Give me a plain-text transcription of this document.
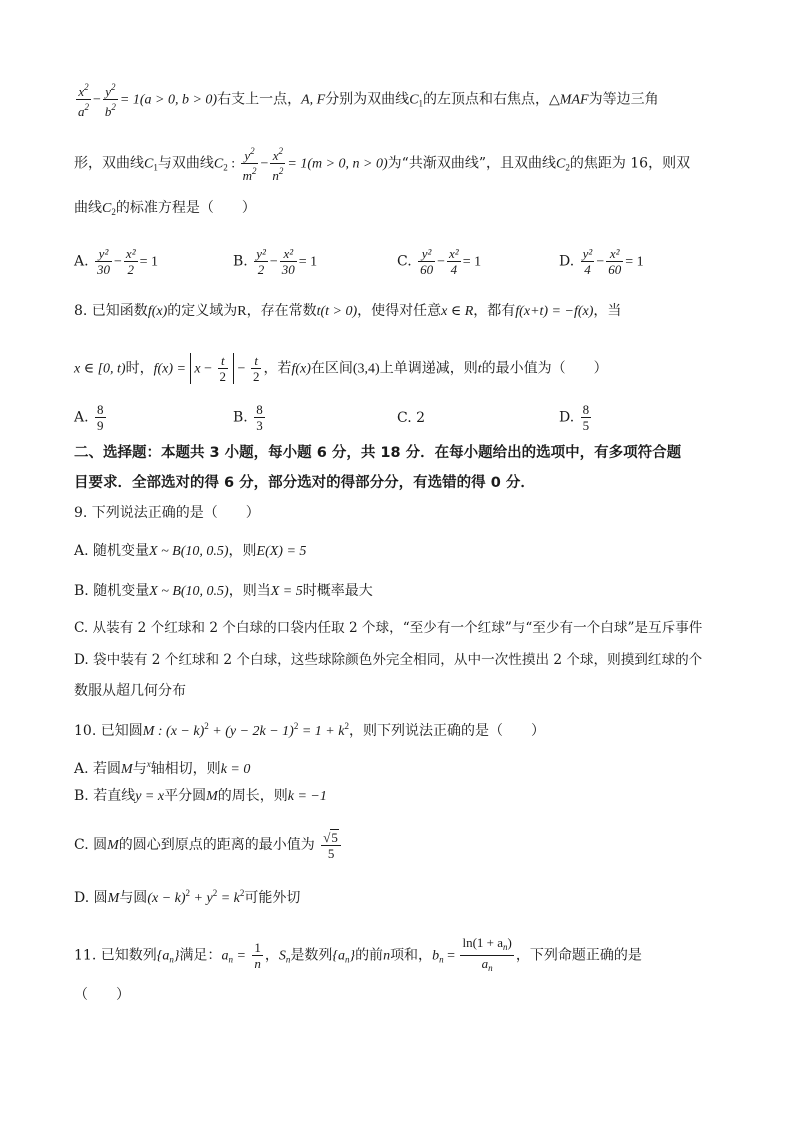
$\frac{x^2}{a^2} - \frac{y^2}{b^2} = 1(a > 0$, b > 0)右支上一点，A, F分别为双曲线$C_1$的左顶点和右焦点，△MAF为等边三角
形，双曲线$C_1$与双曲线$C_2$ : $\frac{y^2}{m^2} - \frac{x^2}{n^2} = 1(m > 0$, n > 0)为“共渐双曲线”，且双曲线$C_2$的焦距为 16，则双
曲线$C_2$的标准方程是（　　）
A. $\frac{\text{y²}}{30} - \frac{\text{x²}}{2} = 1$	B. $\frac{\text{y²}}{2} - \frac{\text{x²}}{30} = 1$	C. $\frac{\text{y²}}{60} - \frac{\text{x²}}{4} = 1$	D. $\frac{\text{y²}}{4} - \frac{\text{x²}}{60} = 1$
8. 已知函数f(x)的定义域为R，存在常数t(t > 0)，使得对任意x ∈ R，都有f(x+t) = −f(x)，当
x ∈ [0, t)时，$f(x) = x - \frac{t}{2} - \frac{t}{2}$ ，若f(x)在区间(3,4)上单调递减，则t的最小值为（　　）
A. $\frac{8}{9}$	B. $\frac{8}{3}$	C. 2	D. $\frac{8}{5}$
二、选择题：本题共 3 小题，每小题 6 分，共 18 分．在每小题给出的选项中，有多项符合题
目要求．全部选对的得 6 分，部分选对的得部分分，有选错的得 0 分．
9. 下列说法正确的是（　　）
A. 随机变量X ~ B(10, 0.5)，则E(X) = 5
B. 随机变量X ~ B(10, 0.5)，则当X = 5时概率最大
C. 从装有 2 个红球和 2 个白球的口袋内任取 2 个球，“至少有一个红球”与“至少有一个白球”是互斥事件
D. 袋中装有 2 个红球和 2 个白球，这些球除颜色外完全相同，从中一次性摸出 2 个球，则摸到红球的个
数服从超几何分布
10. 已知圆M : $(x - k)^2 + (y - 2k - 1)^2 = 1 + k^2$，则下列说法正确的是（　　）
A. 若圆M与$^x$轴相切，则k = 0
B. 若直线y = x平分圆M的周长，则k = −1
C. 圆M的圆心到原点的距离的最小值为 $\frac{√5}{5}$
D. 圆M与圆$(x - k)^2 + y^2 = k^2$可能外切
11. 已知数列$\{a_n\}$满足：$a_n = \frac{1}{n}$ ，$S_n$是数列$\{a_n\}$的前n项和，$b_n = \frac{\ln(1 + a_n)}{a_n}$ ，下列命题正确的是
（　　）
